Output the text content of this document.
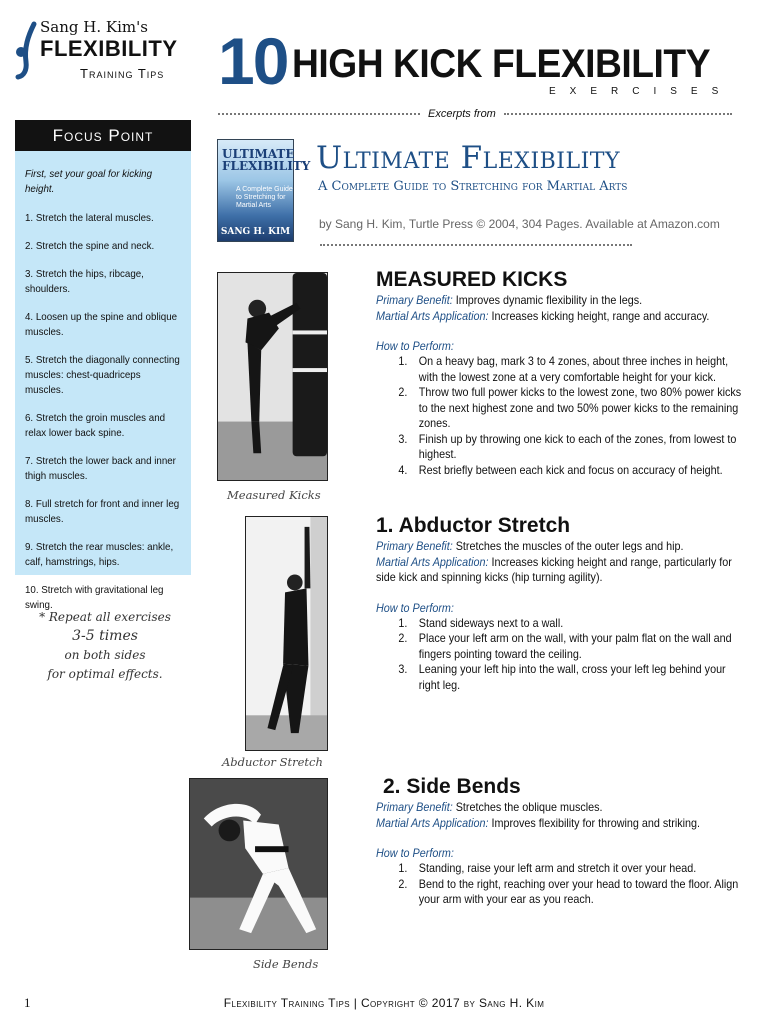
Sang H. Kim's
FLEXIBILITY
Training Tips 10 HIGH KICK FLEXIBILITY
EXERCISES
Excerpts from
Focus Point

First, set your goal for kicking height.

1. Stretch the lateral muscles.

2. Stretch the spine and neck.

3. Stretch the hips, ribcage, shoulders.

4. Loosen up the spine and oblique muscles.

5. Stretch the diagonally connecting muscles: chest-quadriceps muscles.

6. Stretch the groin muscles and relax lower back spine.

7. Stretch the lower back and inner thigh muscles.

8. Full stretch for front and inner leg muscles.

9. Stretch the rear muscles: ankle, calf, hamstrings, hips.

10. Stretch with gravitational leg swing.

* Repeat all exercises
3-5 times
on both sides
for optimal effects.
ULTIMATE
FLEXIBILITY
A Complete Guide to Stretching for Martial Arts
SANG H. KIM
Ultimate Flexibility
A Complete Guide to Stretching for Martial Arts
by Sang H. Kim, Turtle Press © 2004, 304 Pages. Available at Amazon.com
Measured Kicks
Abductor Stretch
Side Bends
MEASURED KICKS
Primary Benefit: Improves dynamic flexibility in the legs.
Martial Arts Application: Increases kicking height, range and accuracy.
How to Perform:
1. On a heavy bag, mark 3 to 4 zones, about three inches in height, with the lowest zone at a very comfortable height for your kick.
2. Throw two full power kicks to the lowest zone, two 80% power kicks to the next highest zone and two 50% power kicks to the remaining zones.
3. Finish up by throwing one kick to each of the zones, from lowest to highest.
4. Rest briefly between each kick and focus on accuracy of height.
1. Abductor Stretch
Primary Benefit: Stretches the muscles of the outer legs and hip.
Martial Arts Application: Increases kicking height and range, particularly for side kick and spinning kicks (hip turning agility).
How to Perform:
1. Stand sideways next to a wall.
2. Place your left arm on the wall, with your palm flat on the wall and fingers pointing toward the ceiling.
3. Leaning your left hip into the wall, cross your left leg behind your right leg.
2. Side Bends
Primary Benefit: Stretches the oblique muscles.
Martial Arts Application: Improves flexibility for throwing and striking.
How to Perform:
1. Standing, raise your left arm and stretch it over your head.
2. Bend to the right, reaching over your head to toward the floor. Align your arm with your ear as you reach.
1	Flexibility Training Tips | Copyright © 2017 by Sang H. Kim
